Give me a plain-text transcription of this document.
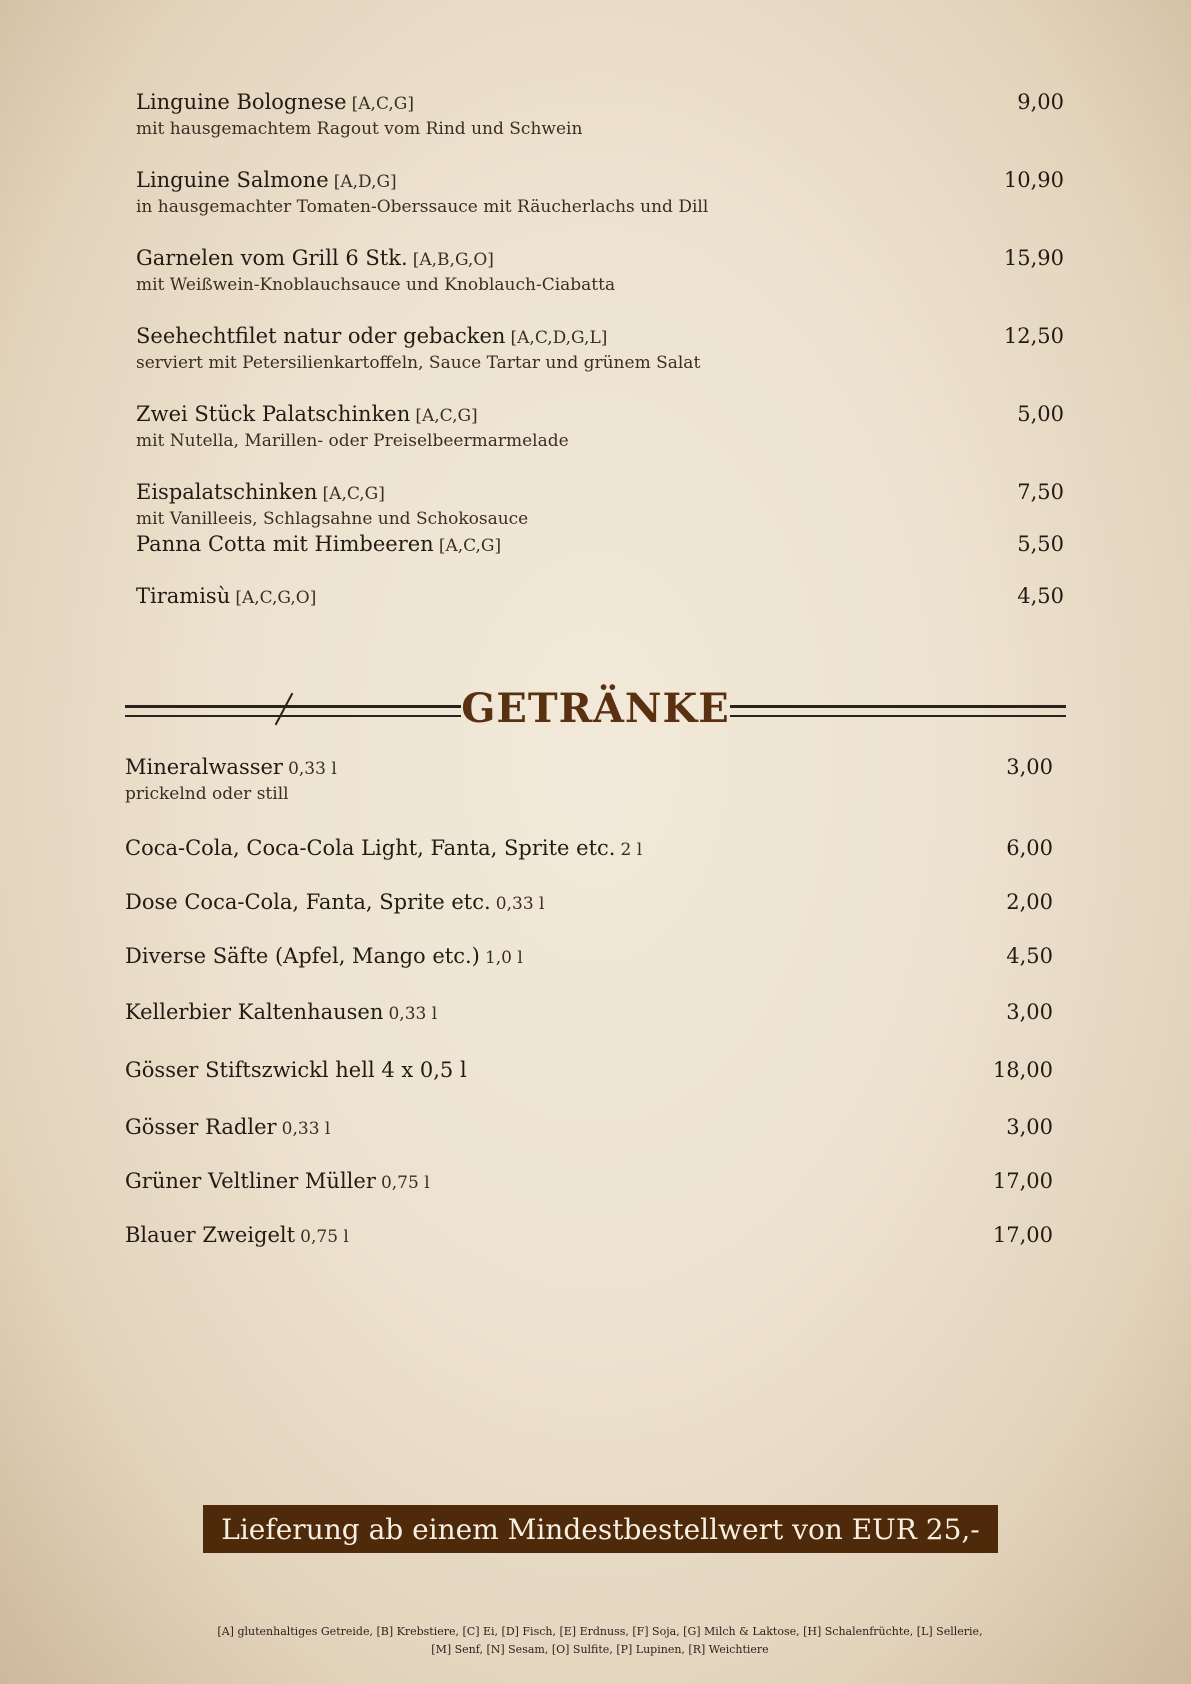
Linguine Bolognese [A,C,G]	9,00
mit hausgemachtem Ragout vom Rind und Schwein
Linguine Salmone [A,D,G]	10,90
in hausgemachter Tomaten-Oberssauce mit Räucherlachs und Dill
Garnelen vom Grill 6 Stk. [A,B,G,O]	15,90
mit Weißwein-Knoblauchsauce und Knoblauch-Ciabatta
Seehechtfilet natur oder gebacken [A,C,D,G,L]	12,50
serviert mit Petersilienkartoffeln, Sauce Tartar und grünem Salat
Zwei Stück Palatschinken [A,C,G]	5,00
mit Nutella, Marillen- oder Preiselbeermarmelade
Eispalatschinken [A,C,G]	7,50
mit Vanilleeis, Schlagsahne und Schokosauce
Panna Cotta mit Himbeeren [A,C,G]	5,50
Tiramisù [A,C,G,O]	4,50
GETRÄNKE
Mineralwasser 0,33 l	3,00
prickelnd oder still
Coca-Cola, Coca-Cola Light, Fanta, Sprite etc. 2 l	6,00
Dose Coca-Cola, Fanta, Sprite etc. 0,33 l	2,00
Diverse Säfte (Apfel, Mango etc.) 1,0 l	4,50
Kellerbier Kaltenhausen 0,33 l	3,00
Gösser Stiftszwickl hell 4 x 0,5 l	18,00
Gösser Radler 0,33 l	3,00
Grüner Veltliner Müller 0,75 l	17,00
Blauer Zweigelt 0,75 l	17,00
Lieferung ab einem Mindestbestellwert von EUR 25,-
[A] glutenhaltiges Getreide, [B] Krebstiere, [C] Ei, [D] Fisch, [E] Erdnuss, [F] Soja, [G] Milch & Laktose, [H] Schalenfrüchte, [L] Sellerie,
[M] Senf, [N] Sesam, [O] Sulfite, [P] Lupinen, [R] Weichtiere
